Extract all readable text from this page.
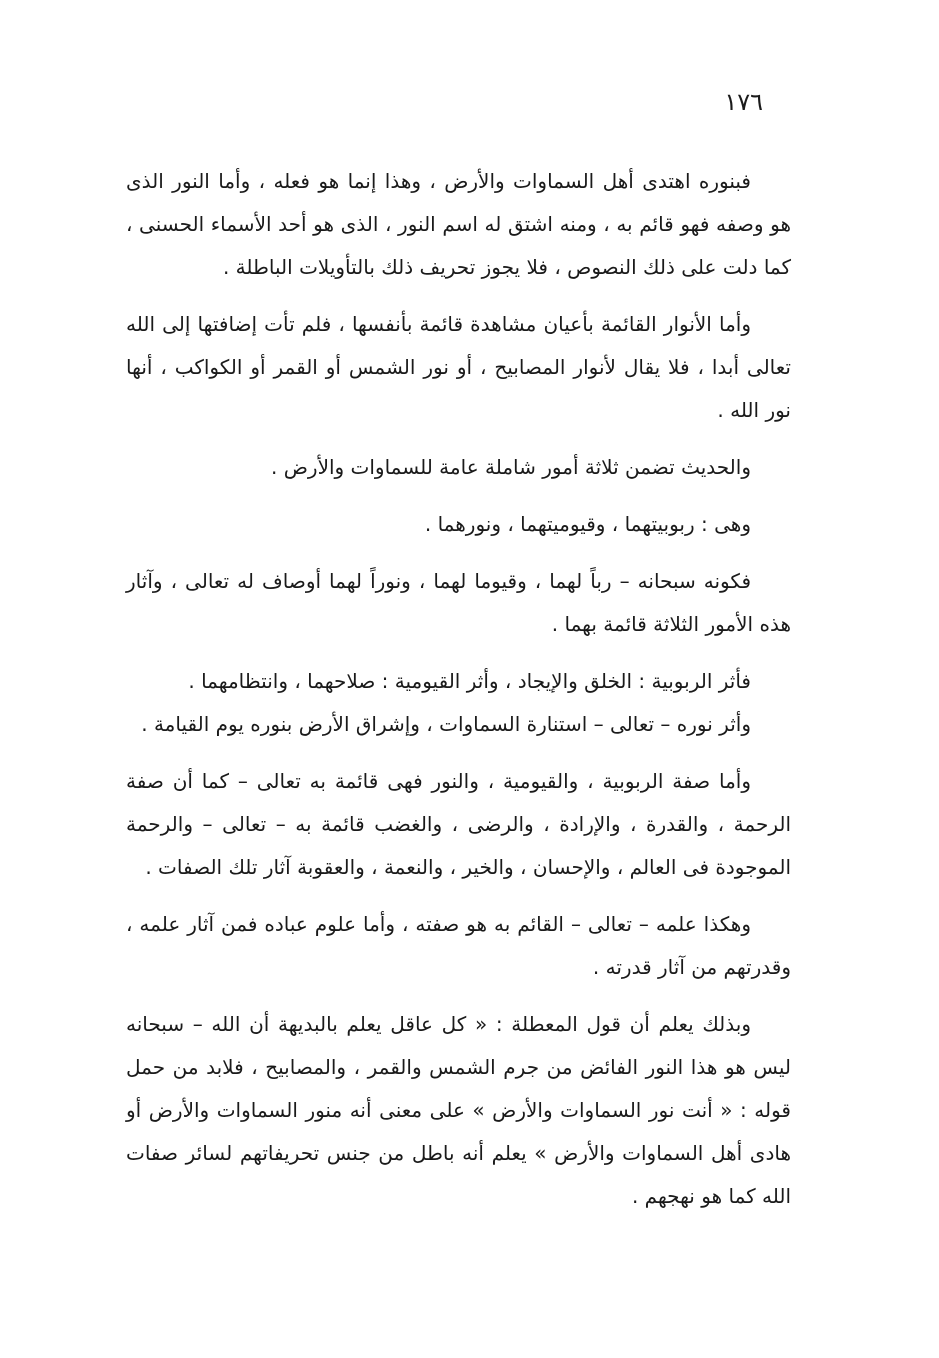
١٧٦

فبنوره اهتدى أهل السماوات والأرض ، وهذا إنما هو فعله ، وأما النور الذى هو وصفه فهو قائم به ، ومنه اشتق له اسم النور ، الذى هو أحد الأسماء الحسنى ، كما دلت على ذلك النصوص ، فلا يجوز تحريف ذلك بالتأويلات الباطلة .

وأما الأنوار القائمة بأعيان مشاهدة قائمة بأنفسها ، فلم تأت إضافتها إلى الله تعالى أبدا ، فلا يقال لأنوار المصابيح ، أو نور الشمس أو القمر أو الكواكب ، أنها نور الله .

والحديث تضمن ثلاثة أمور شاملة عامة للسماوات والأرض .

وهى : ربوبيتهما ، وقيوميتهما ، ونورهما .

فكونه سبحانه – رباً لهما ، وقيوما لهما ، ونوراً لهما أوصاف له تعالى ، وآثار هذه الأمور الثلاثة قائمة بهما .

فأثر الربوبية : الخلق والإيجاد ، وأثر القيومية : صلاحهما ، وانتظامهما .

وأثر نوره – تعالى – استنارة السماوات ، وإشراق الأرض بنوره يوم القيامة .

وأما صفة الربوبية ، والقيومية ، والنور فهى قائمة به تعالى – كما أن صفة الرحمة ، والقدرة ، والإرادة ، والرضى ، والغضب قائمة به – تعالى – والرحمة الموجودة فى العالم ، والإحسان ، والخير ، والنعمة ، والعقوبة آثار تلك الصفات .

وهكذا علمه – تعالى – القائم به هو صفته ، وأما علوم عباده فمن آثار علمه ، وقدرتهم من آثار قدرته .

وبذلك يعلم أن قول المعطلة : « كل عاقل يعلم بالبديهة أن الله – سبحانه ليس هو هذا النور الفائض من جرم الشمس والقمر ، والمصابيح ، فلابد من حمل قوله : « أنت نور السماوات والأرض » على معنى أنه منور السماوات والأرض أو هادى أهل السماوات والأرض » يعلم أنه باطل من جنس تحريفاتهم لسائر صفات الله كما هو نهجهم .
